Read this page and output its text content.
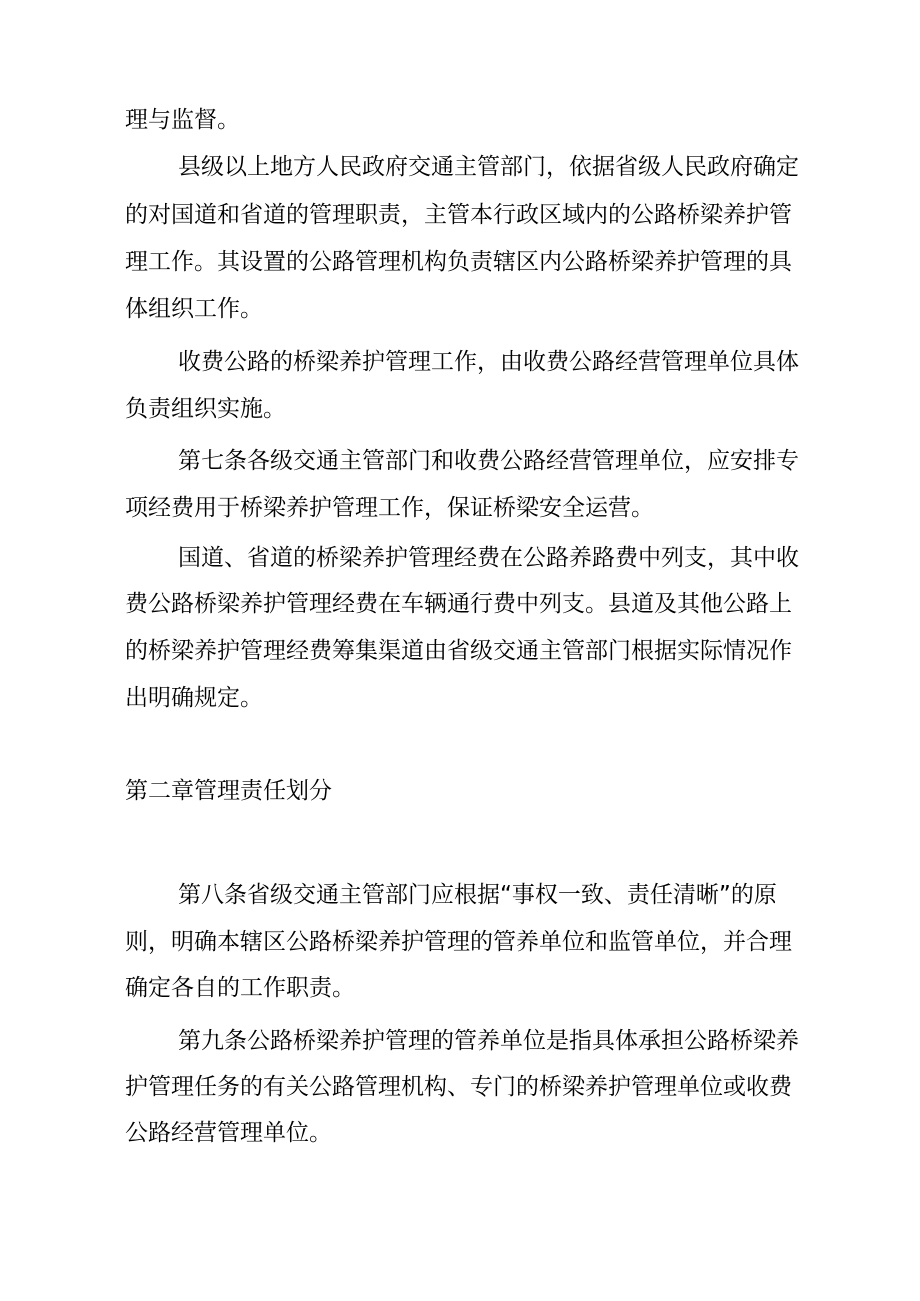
理与监督。
县级以上地方人民政府交通主管部门，依据省级人民政府确定
的对国道和省道的管理职责，主管本行政区域内的公路桥梁养护管
理工作。其设置的公路管理机构负责辖区内公路桥梁养护管理的具
体组织工作。
收费公路的桥梁养护管理工作，由收费公路经营管理单位具体
负责组织实施。
第七条各级交通主管部门和收费公路经营管理单位，应安排专
项经费用于桥梁养护管理工作，保证桥梁安全运营。
国道、省道的桥梁养护管理经费在公路养路费中列支，其中收
费公路桥梁养护管理经费在车辆通行费中列支。县道及其他公路上
的桥梁养护管理经费筹集渠道由省级交通主管部门根据实际情况作
出明确规定。
第二章管理责任划分
第八条省级交通主管部门应根据“事权一致、责任清晰”的原
则，明确本辖区公路桥梁养护管理的管养单位和监管单位，并合理
确定各自的工作职责。
第九条公路桥梁养护管理的管养单位是指具体承担公路桥梁养
护管理任务的有关公路管理机构、专门的桥梁养护管理单位或收费
公路经营管理单位。
